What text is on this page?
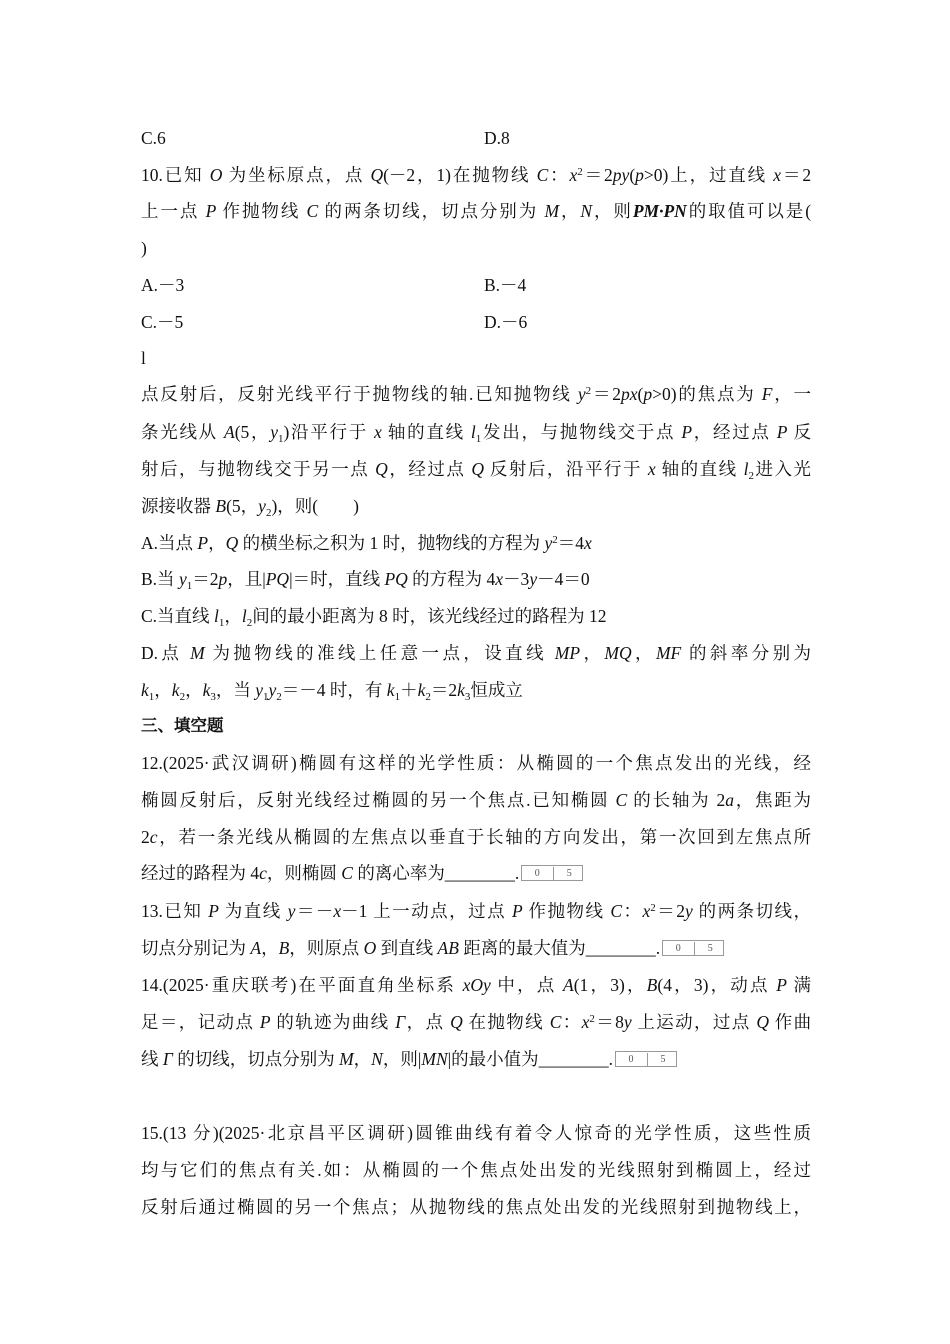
C.6	D.8
10.已知 O 为坐标原点，点 Q(－2，1)在抛物线 C：$x^2=2py(p>0)$上，过直线 x＝2
上一点 P 作抛物线 C 的两条切线，切点分别为 M，N，则PM·PN的取值可以是(
)
A.－3	B.－4
C.－5	D.－6
l
点反射后，反射光线平行于抛物线的轴.已知抛物线 $y^2=2px(p>0)$的焦点为 F，一
条光线从 A(5，$y_1$)沿平行于 x 轴的直线 $l_1$发出，与抛物线交于点 P，经过点 P 反
射后，与抛物线交于另一点 Q，经过点 Q 反射后，沿平行于 x 轴的直线 $l_2$进入光
源接收器 B(5，$y_2$)，则(　　)
A.当点 P，Q 的横坐标之积为 1 时，抛物线的方程为 $y^2=4x$
B.当 $y_1=2p$，且|PQ|＝时，直线 PQ 的方程为 4x－3y－4＝0
C.当直线 $l_1$，$l_2$间的最小距离为 8 时，该光线经过的路程为 12
D.点 M 为抛物线的准线上任意一点，设直线 MP，MQ，MF 的斜率分别为
$k_1$，$k_2$，$k_3$，当 $y_1y_2=-4$ 时，有 $k_1+k_2=2k_3$恒成立
三、填空题
12.(2025·武汉调研)椭圆有这样的光学性质：从椭圆的一个焦点发出的光线，经
椭圆反射后，反射光线经过椭圆的另一个焦点.已知椭圆 C 的长轴为 2a，焦距为
2c，若一条光线从椭圆的左焦点以垂直于长轴的方向发出，第一次回到左焦点所
经过的路程为 4c，则椭圆 C 的离心率为________.	0	5
13.已知 P 为直线 y＝－x－1 上一动点，过点 P 作抛物线 C：$x^2=2y$ 的两条切线，
切点分别记为 A，B，则原点 O 到直线 AB 距离的最大值为________.	0	5
14.(2025·重庆联考)在平面直角坐标系 xOy 中，点 A(1，3)，B(4，3)，动点 P 满
足＝，记动点 P 的轨迹为曲线 Γ，点 Q 在抛物线 C：$x^2=8y$ 上运动，过点 Q 作曲
线 Γ 的切线，切点分别为 M，N，则|MN|的最小值为________.	0	5
15.(13 分)(2025·北京昌平区调研)圆锥曲线有着令人惊奇的光学性质，这些性质
均与它们的焦点有关.如：从椭圆的一个焦点处出发的光线照射到椭圆上，经过
反射后通过椭圆的另一个焦点；从抛物线的焦点处出发的光线照射到抛物线上，
